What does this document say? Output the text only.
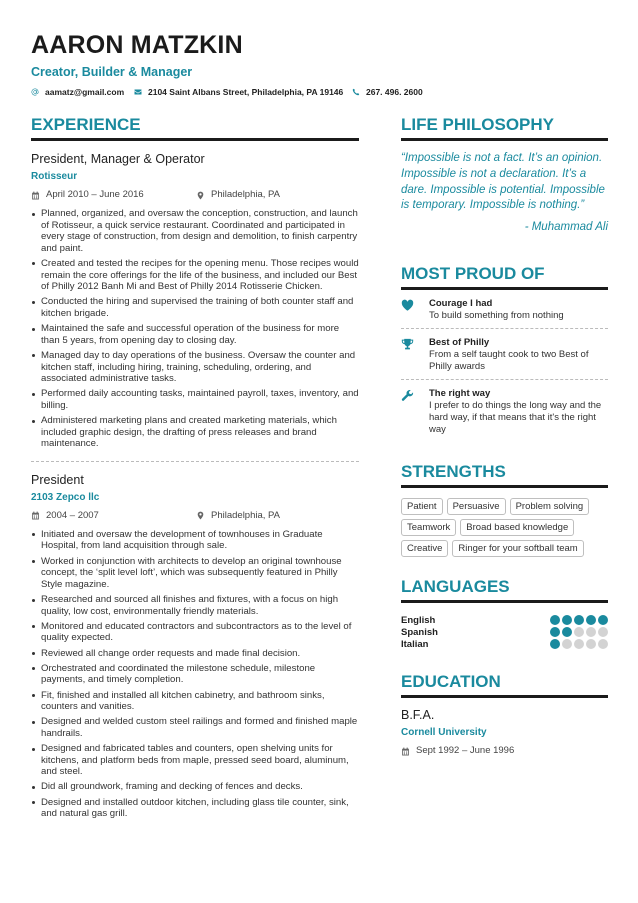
AARON MATZKIN
Creator, Builder & Manager
aamatz@gmail.com	2104 Saint Albans Street, Philadelphia, PA 19146	267. 496. 2600
EXPERIENCE
President, Manager & Operator
Rotisseur
April 2010 – June 2016	Philadelphia, PA
Planned, organized, and oversaw the conception, construction, and launch of Rotisseur, a quick service restaurant. Coordinated and participated in every stage of construction, from design and demolition, to finish carpentry and paint.
Created and tested the recipes for the opening menu. Those recipes would remain the core offerings for the life of the business, and included our Best of Philly 2012 Banh Mi and Best of Philly 2014 Rotisserie Chicken.
Conducted the hiring and supervised the training of both counter staff and kitchen brigade.
Maintained the safe and successful operation of the business for more than 5 years, from opening day to closing day.
Managed day to day operations of the business. Oversaw the counter and kitchen staff, including hiring, training, scheduling, ordering, and associated administrative tasks.
Performed daily accounting tasks, maintained payroll, taxes, inventory, and billing.
Administered marketing plans and created marketing materials, which included graphic design, the drafting of press releases and brand maintenance.
President
2103 Zepco llc
2004 – 2007	Philadelphia, PA
Initiated and oversaw the development of townhouses in Graduate Hospital, from land acquisition through sale.
Worked in conjunction with architects to develop an original townhouse concept, the ‘split level loft’, which was subsequently featured in Philly Style magazine.
Researched and sourced all finishes and fixtures, with a focus on high quality, low cost, environmentally friendly materials.
Monitored and educated contractors and subcontractors as to the level of quality expected.
Reviewed all change order requests and made final decision.
Orchestrated and coordinated the milestone schedule, milestone payments, and timely completion.
Fit, finished and installed all kitchen cabinetry, and bathroom sinks, counters and vanities.
Designed and welded custom steel railings and formed and finished maple handrails.
Designed and fabricated tables and counters, open shelving units for kitchens, and platform beds from maple, pressed seed board, aluminum, and steel.
Did all groundwork, framing and decking of fences and decks.
Designed and installed outdoor kitchen, including glass tile counter, sink, and natural gas grill.
LIFE PHILOSOPHY
“Impossible is not a fact. It’s an opinion. Impossible is not a declaration. It’s a dare. Impossible is potential. Impossible is temporary. Impossible is nothing.”
- Muhammad Ali
MOST PROUD OF
Courage I had
To build something from nothing
Best of Philly
From a self taught cook to two Best of Philly awards
The right way
I prefer to do things the long way and the hard way, if that means that it's the right way
STRENGTHS
Patient	Persuasive	Problem solving
Teamwork	Broad based knowledge
Creative	Ringer for your softball team
LANGUAGES
English
Spanish
Italian
EDUCATION
B.F.A.
Cornell University
Sept 1992 – June 1996
